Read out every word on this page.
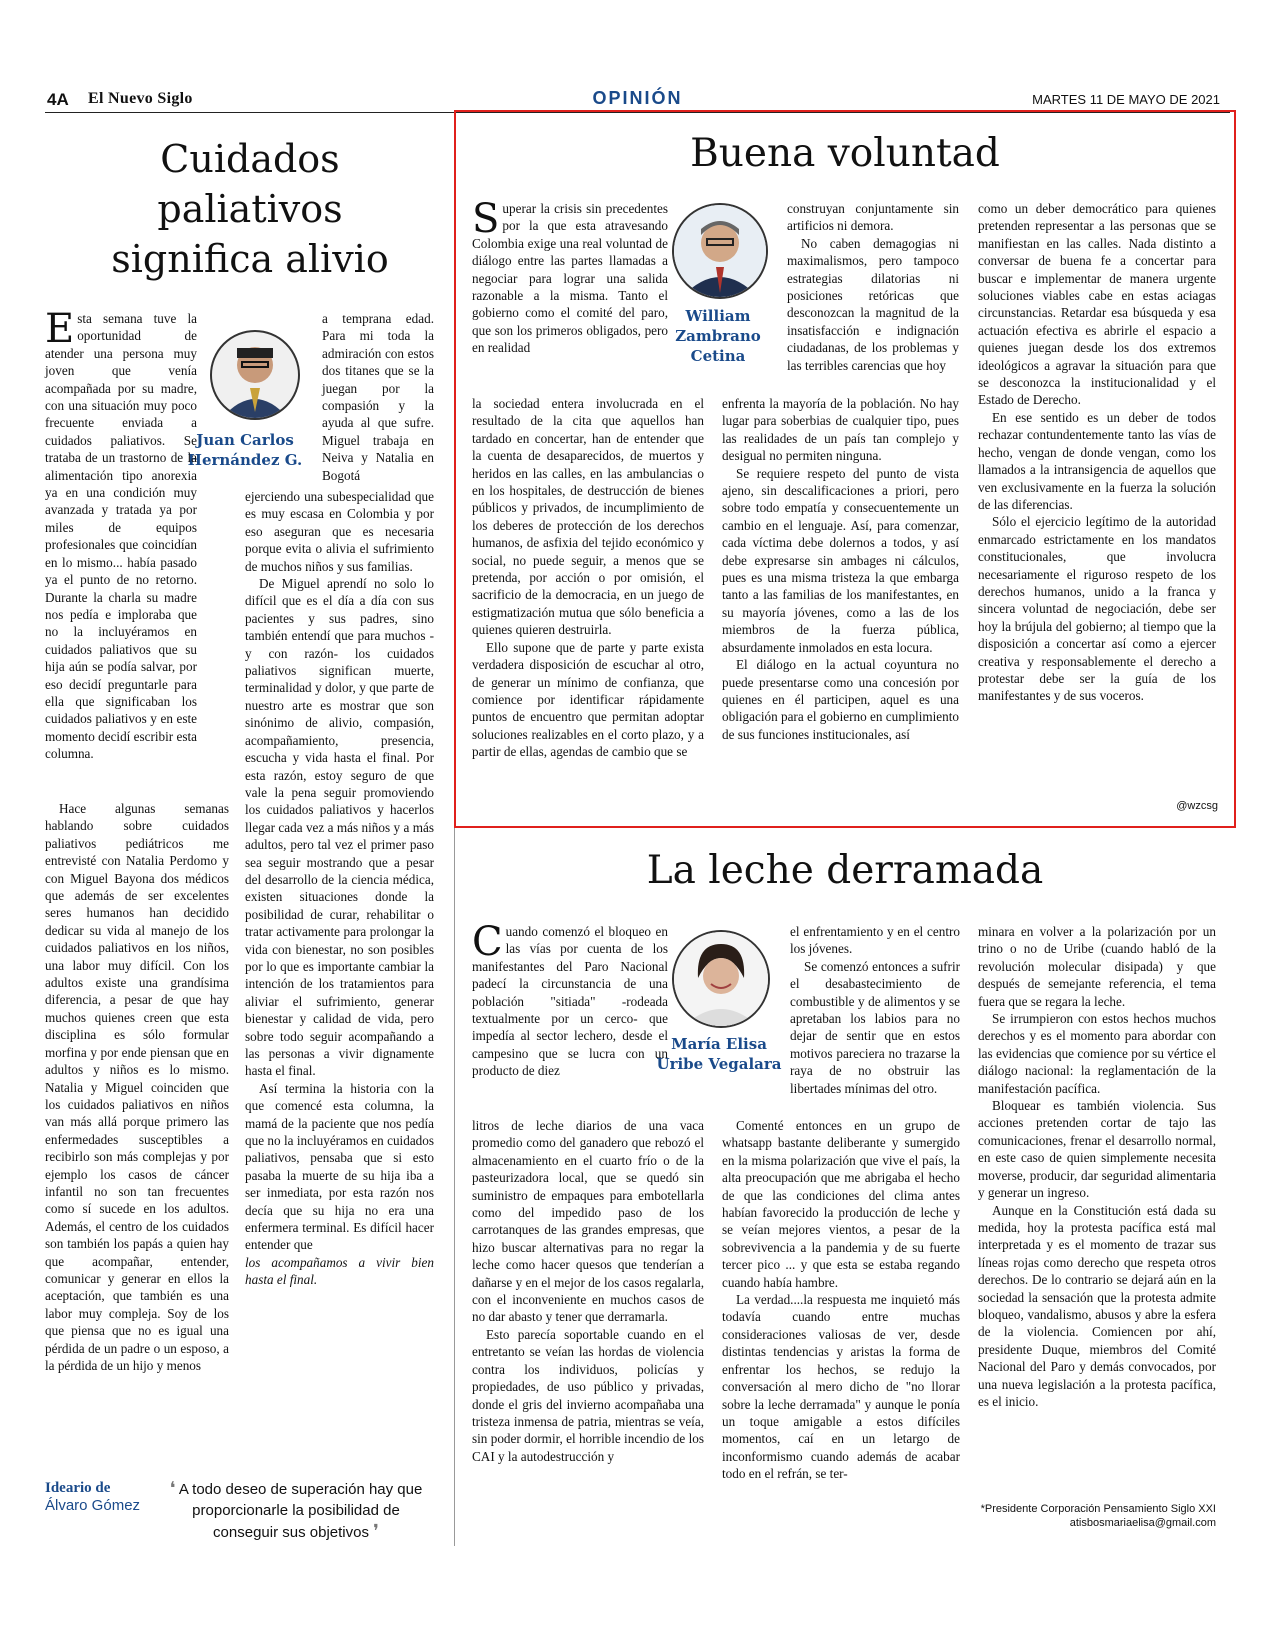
4A El Nuevo Siglo	OPINIÓN	MARTES 11 DE MAYO DE 2021
Cuidados
paliativos
significa alivio
Juan Carlos
Hernández G.

Esta semana tuve la oportunidad de atender una persona muy joven que venía acompañada por su madre, con una situación muy poco frecuente enviada a cuidados paliativos. Se trataba de un trastorno de la alimentación tipo anorexia ya en una condición muy avanzada y tratada ya por miles de equipos profesionales que coincidían en lo mismo... había pasado ya el punto de no retorno. Durante la charla su madre nos pedía e imploraba que no la incluyéramos en cuidados paliativos que su hija aún se podía salvar, por eso decidí preguntarle para ella que significaban los cuidados paliativos y en este momento decidí escribir esta columna.

Hace algunas semanas hablando sobre cuidados paliativos pediátricos me entrevisté con Natalia Perdomo y con Miguel Bayona dos médicos que además de ser excelentes seres humanos han decidido dedicar su vida al manejo de los cuidados paliativos en los niños, una labor muy difícil. Con los adultos existe una grandísima diferencia, a pesar de que hay muchos quienes creen que esta disciplina es sólo formular morfina y por ende piensan que en adultos y niños es lo mismo. Natalia y Miguel coinciden que los cuidados paliativos en niños van más allá porque primero las enfermedades susceptibles a recibirlo son más complejas y por ejemplo los casos de cáncer infantil no son tan frecuentes como sí sucede en los adultos. Además, el centro de los cuidados son también los papás a quien hay que acompañar, entender, comunicar y generar en ellos la aceptación, que también es una labor muy compleja. Soy de los que piensa que no es igual una pérdida de un padre o un esposo, a la pérdida de un hijo y menos

a temprana edad. Para mi toda la admiración con estos dos titanes que se la juegan por la compasión y la ayuda al que sufre. Miguel trabaja en Neiva y Natalia en Bogotá

ejerciendo una subespecialidad que es muy escasa en Colombia y por eso aseguran que es necesaria porque evita o alivia el sufrimiento de muchos niños y sus familias.

De Miguel aprendí no solo lo difícil que es el día a día con sus pacientes y sus padres, sino también entendí que para muchos -y con razón- los cuidados paliativos significan muerte, terminalidad y dolor, y que parte de nuestro arte es mostrar que son sinónimo de alivio, compasión, acompañamiento, presencia, escucha y vida hasta el final. Por esta razón, estoy seguro de que vale la pena seguir promoviendo los cuidados paliativos y hacerlos llegar cada vez a más niños y a más adultos, pero tal vez el primer paso sea seguir mostrando que a pesar del desarrollo de la ciencia médica, existen situaciones donde la posibilidad de curar, rehabilitar o tratar activamente para prolongar la vida con bienestar, no son posibles por lo que es importante cambiar la intención de los tratamientos para aliviar el sufrimiento, generar bienestar y calidad de vida, pero sobre todo seguir acompañando a las personas a vivir dignamente hasta el final.

Así termina la historia con la que comencé esta columna, la mamá de la paciente que nos pedía que no la incluyéramos en cuidados paliativos, pensaba que si esto pasaba la muerte de su hija iba a ser inmediata, por esta razón nos decía que su hija no era una enfermera terminal. Es difícil hacer entender que

los acompañamos a vivir bien hasta el final.

Ideario de
Álvaro Gómez
❛ A todo deseo de superación hay que proporcionarle la posibilidad de conseguir sus objetivos ❜
Buena voluntad
William
Zambrano
Cetina

Superar la crisis sin precedentes por la que esta atravesando Colombia exige una real voluntad de diálogo entre las partes llamadas a negociar para lograr una salida razonable a la misma. Tanto el gobierno como el comité del paro, que son los primeros obligados, pero en realidad

la sociedad entera involucrada en el resultado de la cita que aquellos han tardado en concertar, han de entender que la cuenta de desaparecidos, de muertos y heridos en las calles, en las ambulancias o en los hospitales, de destrucción de bienes públicos y privados, de incumplimiento de los deberes de protección de los derechos humanos, de asfixia del tejido económico y social, no puede seguir, a menos que se pretenda, por acción o por omisión, el sacrificio de la democracia, en un juego de estigmatización mutua que sólo beneficia a quienes quieren destruirla.

Ello supone que de parte y parte exista verdadera disposición de escuchar al otro, de generar un mínimo de confianza, que comience por identificar rápidamente puntos de encuentro que permitan adoptar soluciones realizables en el corto plazo, y a partir de ellas, agendas de cambio que se

construyan conjuntamente sin artificios ni demora.

No caben demagogias ni maximalismos, pero tampoco estrategias dilatorias ni posiciones retóricas que desconozcan la magnitud de la insatisfacción e indignación ciudadanas, de los problemas y las terribles carencias que hoy

enfrenta la mayoría de la población. No hay lugar para soberbias de cualquier tipo, pues las realidades de un país tan complejo y desigual no permiten ninguna.

Se requiere respeto del punto de vista ajeno, sin descalificaciones a priori, pero sobre todo empatía y consecuentemente un cambio en el lenguaje. Así, para comenzar, cada víctima debe dolernos a todos, y así debe expresarse sin ambages ni cálculos, pues es una misma tristeza la que embarga tanto a las familias de los manifestantes, en su mayoría jóvenes, como a las de los miembros de la fuerza pública, absurdamente inmolados en esta locura.

El diálogo en la actual coyuntura no puede presentarse como una concesión por quienes en él participen, aquel es una obligación para el gobierno en cumplimiento de sus funciones institucionales, así

como un deber democrático para quienes pretenden representar a las personas que se manifiestan en las calles. Nada distinto a conversar de buena fe a concertar para buscar e implementar de manera urgente soluciones viables cabe en estas aciagas circunstancias. Retardar esa búsqueda y esa actuación efectiva es abrirle el espacio a quienes juegan desde los dos extremos ideológicos a agravar la situación para que se desconozca la institucionalidad y el Estado de Derecho.

En ese sentido es un deber de todos rechazar contundentemente tanto las vías de hecho, vengan de donde vengan, como los llamados a la intransigencia de aquellos que ven exclusivamente en la fuerza la solución de las diferencias.

Sólo el ejercicio legítimo de la autoridad enmarcado estrictamente en los mandatos constitucionales, que involucra necesariamente el riguroso respeto de los derechos humanos, unido a la franca y sincera voluntad de negociación, debe ser hoy la brújula del gobierno; al tiempo que la disposición a concertar así como a ejercer creativa y responsablemente el derecho a protestar debe ser la guía de los manifestantes y de sus voceros.

@wzcsg
La leche derramada
María Elisa
Uribe Vegalara

Cuando comenzó el bloqueo en las vías por cuenta de los manifestantes del Paro Nacional padecí la circunstancia de una población "sitiada" -rodeada textualmente por un cerco- que impedía al sector lechero, desde el campesino que se lucra con un producto de diez

litros de leche diarios de una vaca promedio como del ganadero que rebozó el almacenamiento en el cuarto frío o de la pasteurizadora local, que se quedó sin suministro de empaques para embotellarla como del impedido paso de los carrotanques de las grandes empresas, que hizo buscar alternativas para no regar la leche como hacer quesos que tenderían a dañarse y en el mejor de los casos regalarla, con el inconveniente en muchos casos de no dar abasto y tener que derramarla.

Esto parecía soportable cuando en el entretanto se veían las hordas de violencia contra los individuos, policías y propiedades, de uso público y privadas, donde el gris del invierno acompañaba una tristeza inmensa de patria, mientras se veía, sin poder dormir, el horrible incendio de los CAI y la autodestrucción y

el enfrentamiento y en el centro los jóvenes.

Se comenzó entonces a sufrir el desabastecimiento de combustible y de alimentos y se apretaban los labios para no dejar de sentir que en estos motivos pareciera no trazarse la raya de no obstruir las libertades mínimas del otro.

Comenté entonces en un grupo de whatsapp bastante deliberante y sumergido en la misma polarización que vive el país, la alta preocupación que me abrigaba el hecho de que las condiciones del clima antes habían favorecido la producción de leche y se veían mejores vientos, a pesar de la sobrevivencia a la pandemia y de su fuerte tercer pico ... y que esta se estaba regando cuando había hambre.

La verdad....la respuesta me inquietó más todavía cuando entre muchas consideraciones valiosas de ver, desde distintas tendencias y aristas la forma de enfrentar los hechos, se redujo la conversación al mero dicho de "no llorar sobre la leche derramada" y aunque le ponía un toque amigable a estos difíciles momentos, caí en un letargo de inconformismo cuando además de acabar todo en el refrán, se ter-

minara en volver a la polarización por un trino o no de Uribe (cuando habló de la revolución molecular disipada) y que después de semejante referencia, el tema fuera que se regara la leche.

Se irrumpieron con estos hechos muchos derechos y es el momento para abordar con las evidencias que comience por su vértice el diálogo nacional: la reglamentación de la manifestación pacífica.

Bloquear es también violencia. Sus acciones pretenden cortar de tajo las comunicaciones, frenar el desarrollo normal, en este caso de quien simplemente necesita moverse, producir, dar seguridad alimentaria y generar un ingreso.

Aunque en la Constitución está dada su medida, hoy la protesta pacífica está mal interpretada y es el momento de trazar sus líneas rojas como derecho que respeta otros derechos. De lo contrario se dejará aún en la sociedad la sensación que la protesta admite bloqueo, vandalismo, abusos y abre la esfera de la violencia. Comiencen por ahí, presidente Duque, miembros del Comité Nacional del Paro y demás convocados, por una nueva legislación a la protesta pacífica, es el inicio.

*Presidente Corporación Pensamiento Siglo XXI
atisbosmariaelisa@gmail.com
